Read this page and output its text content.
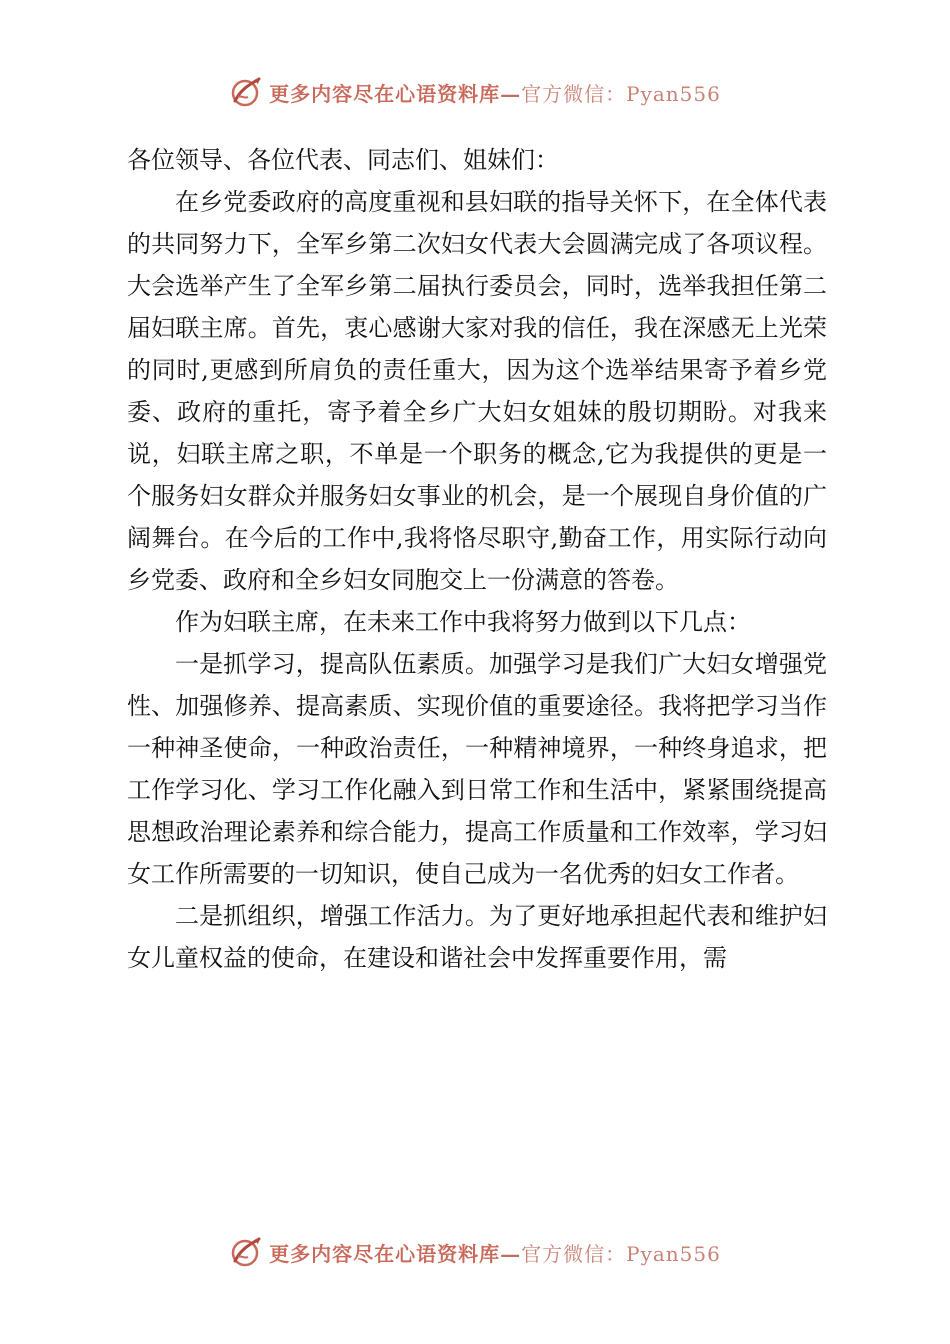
更多内容尽在心语资料库—官方微信：Pyan556

各位领导、各位代表、同志们、姐妹们：

在乡党委政府的高度重视和县妇联的指导关怀下，在全体代表的共同努力下，全军乡第二次妇女代表大会圆满完成了各项议程。大会选举产生了全军乡第二届执行委员会，同时，选举我担任第二届妇联主席。首先，衷心感谢大家对我的信任，我在深感无上光荣的同时,更感到所肩负的责任重大，因为这个选举结果寄予着乡党委、政府的重托，寄予着全乡广大妇女姐妹的殷切期盼。对我来说，妇联主席之职，不单是一个职务的概念,它为我提供的更是一个服务妇女群众并服务妇女事业的机会，是一个展现自身价值的广阔舞台。在今后的工作中,我将恪尽职守,勤奋工作，用实际行动向乡党委、政府和全乡妇女同胞交上一份满意的答卷。

作为妇联主席，在未来工作中我将努力做到以下几点：

一是抓学习，提高队伍素质。加强学习是我们广大妇女增强党性、加强修养、提高素质、实现价值的重要途径。我将把学习当作一种神圣使命，一种政治责任，一种精神境界，一种终身追求，把工作学习化、学习工作化融入到日常工作和生活中，紧紧围绕提高思想政治理论素养和综合能力，提高工作质量和工作效率，学习妇女工作所需要的一切知识，使自己成为一名优秀的妇女工作者。

二是抓组织，增强工作活力。为了更好地承担起代表和维护妇女儿童权益的使命，在建设和谐社会中发挥重要作用，需

更多内容尽在心语资料库—官方微信：Pyan556
